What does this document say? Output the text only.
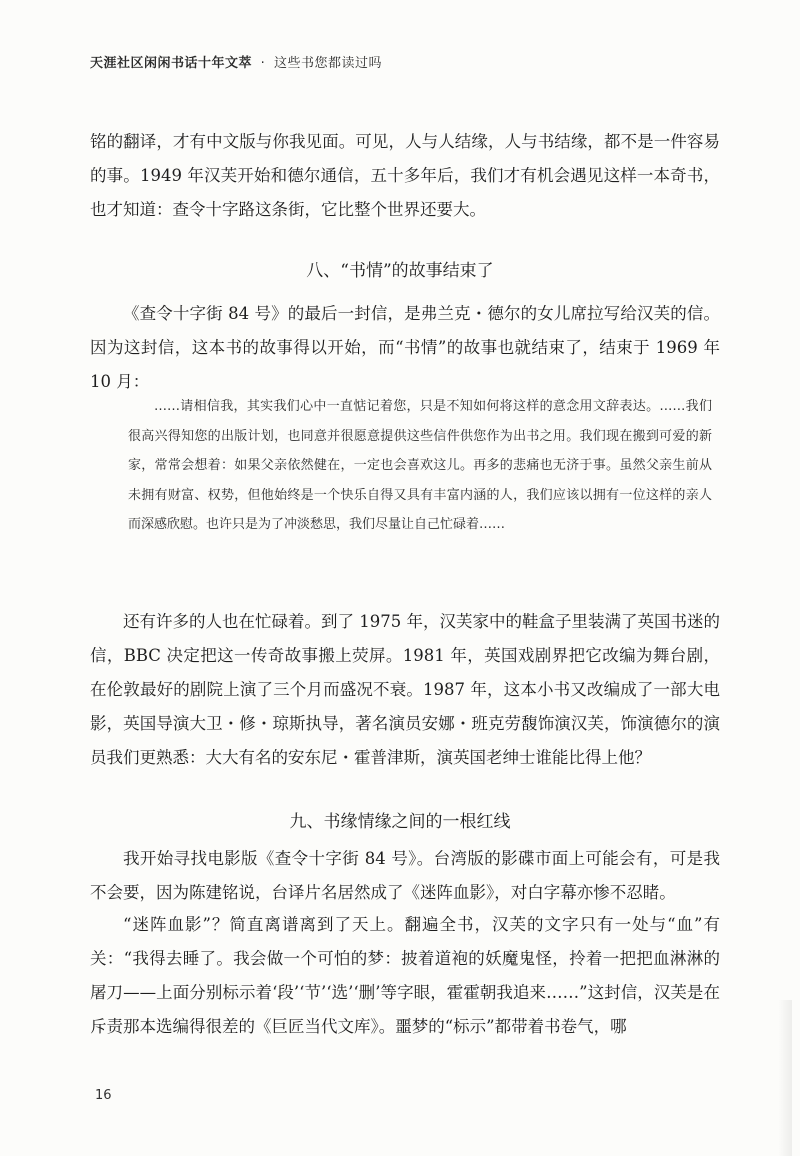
天涯社区闲闲书话十年文萃 · 这些书您都读过吗

铭的翻译，才有中文版与你我见面。可见，人与人结缘，人与书结缘，都不是一件容易的事。1949 年汉芙开始和德尔通信，五十多年后，我们才有机会遇见这样一本奇书，也才知道：查令十字路这条街，它比整个世界还要大。

八、“书情”的故事结束了

《查令十字街 84 号》的最后一封信，是弗兰克・德尔的女儿席拉写给汉芙的信。因为这封信，这本书的故事得以开始，而“书情”的故事也就结束了，结束于 1969 年 10 月：

……请相信我，其实我们心中一直惦记着您，只是不知如何将这样的意念用文辞表达。……我们很高兴得知您的出版计划，也同意并很愿意提供这些信件供您作为出书之用。我们现在搬到可爱的新家，常常会想着：如果父亲依然健在，一定也会喜欢这儿。再多的悲痛也无济于事。虽然父亲生前从未拥有财富、权势，但他始终是一个快乐自得又具有丰富内涵的人，我们应该以拥有一位这样的亲人而深感欣慰。也许只是为了冲淡愁思，我们尽量让自己忙碌着……

还有许多的人也在忙碌着。到了 1975 年，汉芙家中的鞋盒子里装满了英国书迷的信，BBC 决定把这一传奇故事搬上荧屏。1981 年，英国戏剧界把它改编为舞台剧，在伦敦最好的剧院上演了三个月而盛况不衰。1987 年，这本小书又改编成了一部大电影，英国导演大卫・修・琼斯执导，著名演员安娜・班克劳馥饰演汉芙，饰演德尔的演员我们更熟悉：大大有名的安东尼・霍普津斯，演英国老绅士谁能比得上他？

九、书缘情缘之间的一根红线

我开始寻找电影版《查令十字街 84 号》。台湾版的影碟市面上可能会有，可是我不会要，因为陈建铭说，台译片名居然成了《迷阵血影》，对白字幕亦惨不忍睹。

“迷阵血影”？简直离谱离到了天上。翻遍全书，汉芙的文字只有一处与“血”有关：“我得去睡了。我会做一个可怕的梦：披着道袍的妖魔鬼怪，拎着一把把血淋淋的屠刀——上面分别标示着‘段’‘节’‘选’‘删’等字眼，霍霍朝我追来……”这封信，汉芙是在斥责那本选编得很差的《巨匠当代文库》。噩梦的“标示”都带着书卷气，哪

16
